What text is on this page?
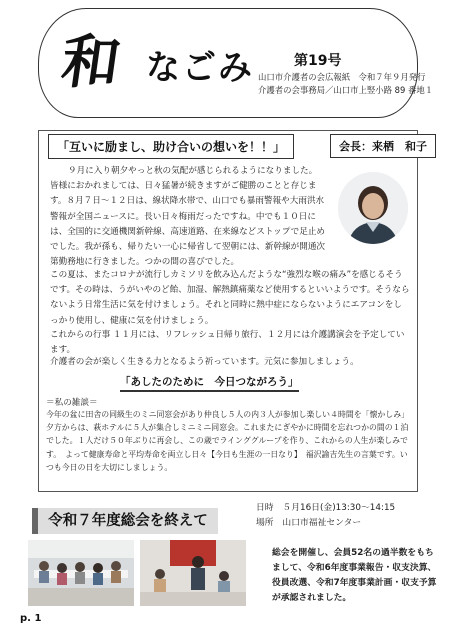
和 なごみ	第19号
山口市介護者の会広報紙　令和７年９月発行
介護者の会事務局／山口市上竪小路 89 番地１
「互いに励まし、助け合いの想いを！！」	会長：来栖　和子
９月に入り朝夕やっと秋の気配が感じられるようになりました。
皆様におかれましては、日々猛暑が続きますがご健勝のことと存じます。８月７日～１２日は、線状降水帯で、山口でも暴雨警報や大雨洪水警報が全国ニュースに。長い日々梅雨だったですね。中でも１０日には、全国的に交通機関新幹線、高速道路、在来線などストップで足止めでした。我が孫も、帰りたい一心に帰省して翌朝には、新幹線が開通次第勤務地に行きました。つかの間の喜びでした。
この夏は、またコロナが流行しカミソリを飲み込んだような“強烈な喉の痛み”を感じるそうです。その時は、うがいやのど飴、加湿、解熱鎮痛薬など使用するといいようです。そうならないよう日常生活に気を付けましょう。それと同時に熱中症にならないようにエアコンをしっかり使用し、健康に気を付けましょう。
これからの行事 １１月には、リフレッシュ日帰り旅行、１２月には介護講演会を予定しています。
介護者の会が楽しく生きる力となるよう祈っています。元気に参加しましょう。
「あしたのために　今日つながろう」
＝私の雑談＝
今年の盆に田舎の同級生のミニ同窓会があり仲良し５人の内３人が参加し楽しい４時間を「懐かしみ」夕方からは、萩ホテルに５人が集合しミニミニ同窓会。これまたにぎやかに時間を忘れつかの間の１泊でした。１人だけ５０年ぶりに再会し、この歳でラインググループを作り、これからの人生が楽しみです。　よって健康寿命と平均寿命を両立し日々【今日も生涯の一日なり】　福沢諭吉先生の言葉です。いつも今日の日を大切にしましょう。
令和７年度総会を終えて
日時　５月16日(金)13:30～14:15
場所　山口市福祉センター
総会を開催し、会員52名の過半数をもちまして、令和6年度事業報告・収支決算、役員改選、令和7年度事業計画・収支予算が承認されました。
p. 1
